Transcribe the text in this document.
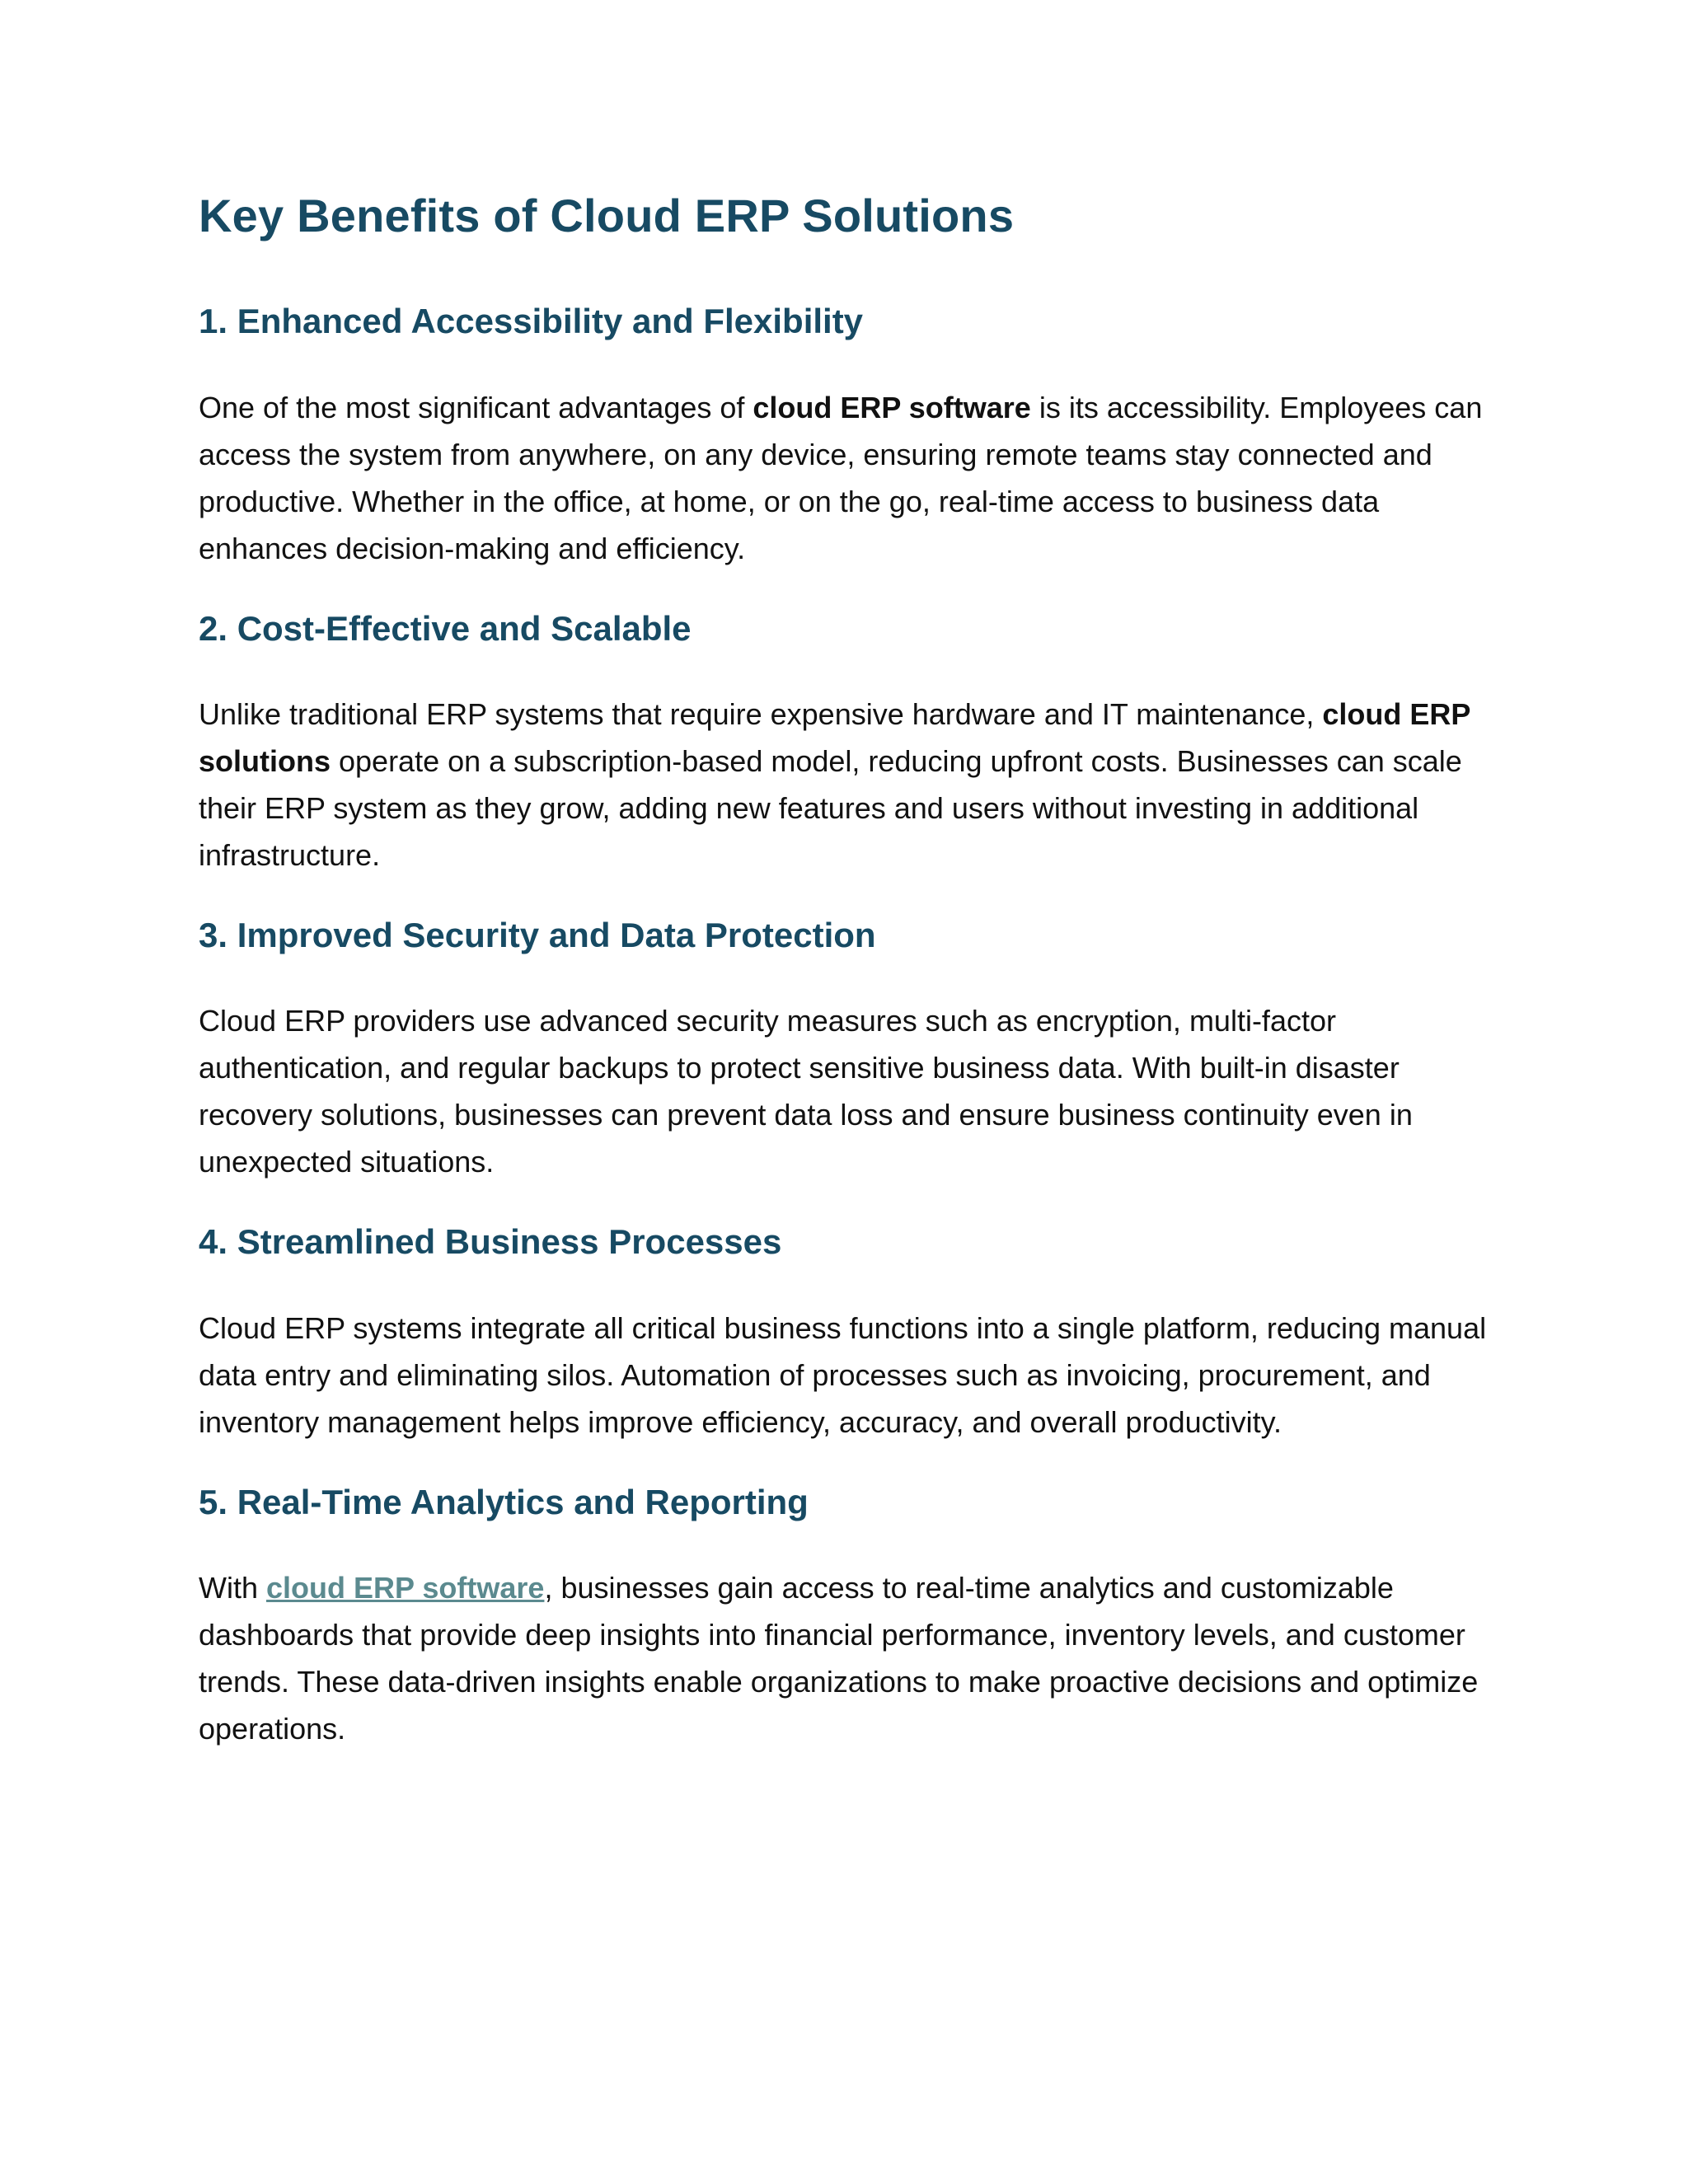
Key Benefits of Cloud ERP Solutions
1. Enhanced Accessibility and Flexibility

One of the most significant advantages of cloud ERP software is its accessibility. Employees can access the system from anywhere, on any device, ensuring remote teams stay connected and productive. Whether in the office, at home, or on the go, real-time access to business data enhances decision-making and efficiency.

2. Cost-Effective and Scalable

Unlike traditional ERP systems that require expensive hardware and IT maintenance, cloud ERP solutions operate on a subscription-based model, reducing upfront costs. Businesses can scale their ERP system as they grow, adding new features and users without investing in additional infrastructure.

3. Improved Security and Data Protection

Cloud ERP providers use advanced security measures such as encryption, multi-factor authentication, and regular backups to protect sensitive business data. With built-in disaster recovery solutions, businesses can prevent data loss and ensure business continuity even in unexpected situations.

4. Streamlined Business Processes

Cloud ERP systems integrate all critical business functions into a single platform, reducing manual data entry and eliminating silos. Automation of processes such as invoicing, procurement, and inventory management helps improve efficiency, accuracy, and overall productivity.

5. Real-Time Analytics and Reporting

With cloud ERP software, businesses gain access to real-time analytics and customizable dashboards that provide deep insights into financial performance, inventory levels, and customer trends. These data-driven insights enable organizations to make proactive decisions and optimize operations.
